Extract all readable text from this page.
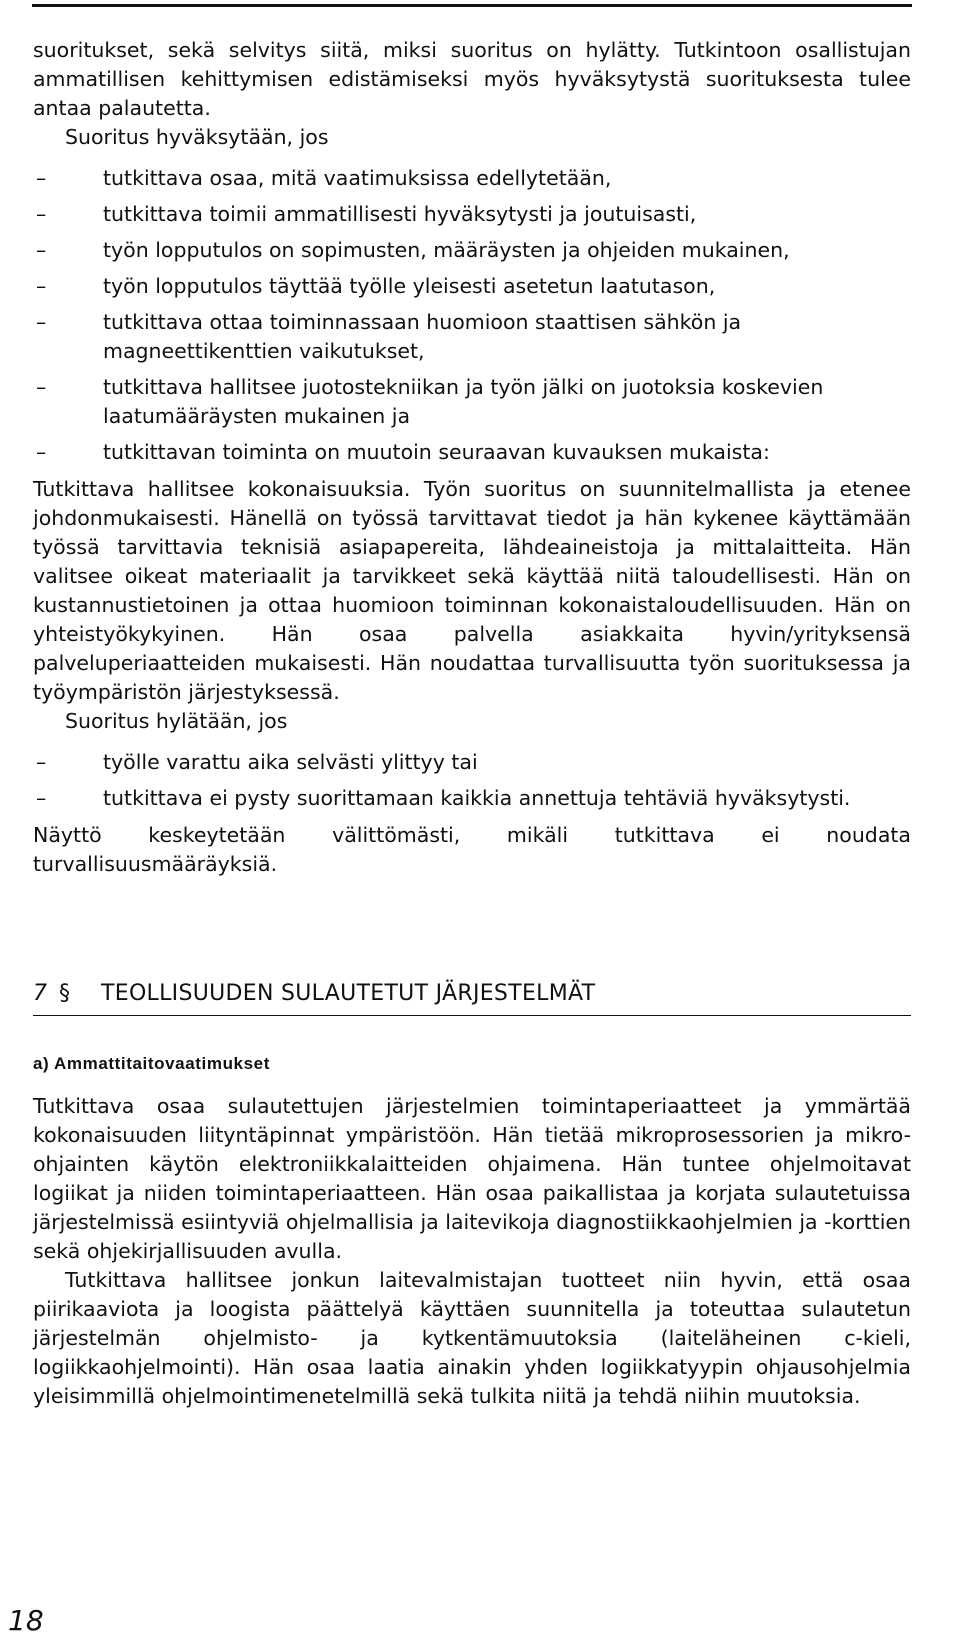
suoritukset, sekä selvitys siitä, miksi suoritus on hylätty. Tutkintoon osallistujan ammatillisen kehittymisen edistämiseksi myös hyväksytystä suorituksesta tulee antaa palautetta.

Suoritus hyväksytään, jos

–	tutkittava osaa, mitä vaatimuksissa edellytetään,
–	tutkittava toimii ammatillisesti hyväksytysti ja joutuisasti,
–	työn lopputulos on sopimusten, määräysten ja ohjeiden mukainen,
–	työn lopputulos täyttää työlle yleisesti asetetun laatutason,
–	tutkittava ottaa toiminnassaan huomioon staattisen sähkön ja magneettikenttien vaikutukset,
–	tutkittava hallitsee juotostekniikan ja työn jälki on juotoksia koskevien laatumääräysten mukainen ja
–	tutkittavan toiminta on muutoin seuraavan kuvauksen mukaista:

Tutkittava hallitsee kokonaisuuksia. Työn suoritus on suunnitelmallista ja etenee johdonmukaisesti. Hänellä on työssä tarvittavat tiedot ja hän kykenee käyttämään työssä tarvittavia teknisiä asiapapereita, lähdeaineistoja ja mittalaitteita. Hän valitsee oikeat materiaalit ja tarvikkeet sekä käyttää niitä taloudellisesti. Hän on kustannustietoinen ja ottaa huomioon toiminnan kokonaistaloudellisuuden. Hän on yhteistyökykyinen. Hän osaa palvella asiakkaita hyvin/yrityksensä palveluperiaatteiden mukaisesti. Hän noudattaa turvallisuutta työn suorituksessa ja työympäristön järjestyksessä.

Suoritus hylätään, jos

–	työlle varattu aika selvästi ylittyy tai
–	tutkittava ei pysty suorittamaan kaikkia annettuja tehtäviä hyväksytysti.

Näyttö keskeytetään välittömästi, mikäli tutkittava ei noudata turvallisuusmääräyksiä.

7 § TEOLLISUUDEN SULAUTETUT JÄRJESTELMÄT
a) Ammattitaitovaatimukset

Tutkittava osaa sulautettujen järjestelmien toimintaperiaatteet ja ymmärtää kokonaisuuden liityntäpinnat ympäristöön. Hän tietää mikroprosessorien ja mikro-ohjainten käytön elektroniikkalaitteiden ohjaimena. Hän tuntee ohjelmoitavat logiikat ja niiden toimintaperiaatteen. Hän osaa paikallistaa ja korjata sulautetuissa järjestelmissä esiintyviä ohjelmallisia ja laitevikoja diagnostiikkaohjelmien ja -korttien sekä ohjekirjallisuuden avulla.

Tutkittava hallitsee jonkun laitevalmistajan tuotteet niin hyvin, että osaa piirikaaviota ja loogista päättelyä käyttäen suunnitella ja toteuttaa sulautetun järjestelmän ohjelmisto- ja kytkentämuutoksia (laiteläheinen c-kieli, logiikkaohjelmointi). Hän osaa laatia ainakin yhden logiikkatyypin ohjausohjelmia yleisimmillä ohjelmointimenetelmillä sekä tulkita niitä ja tehdä niihin muutoksia.

18
